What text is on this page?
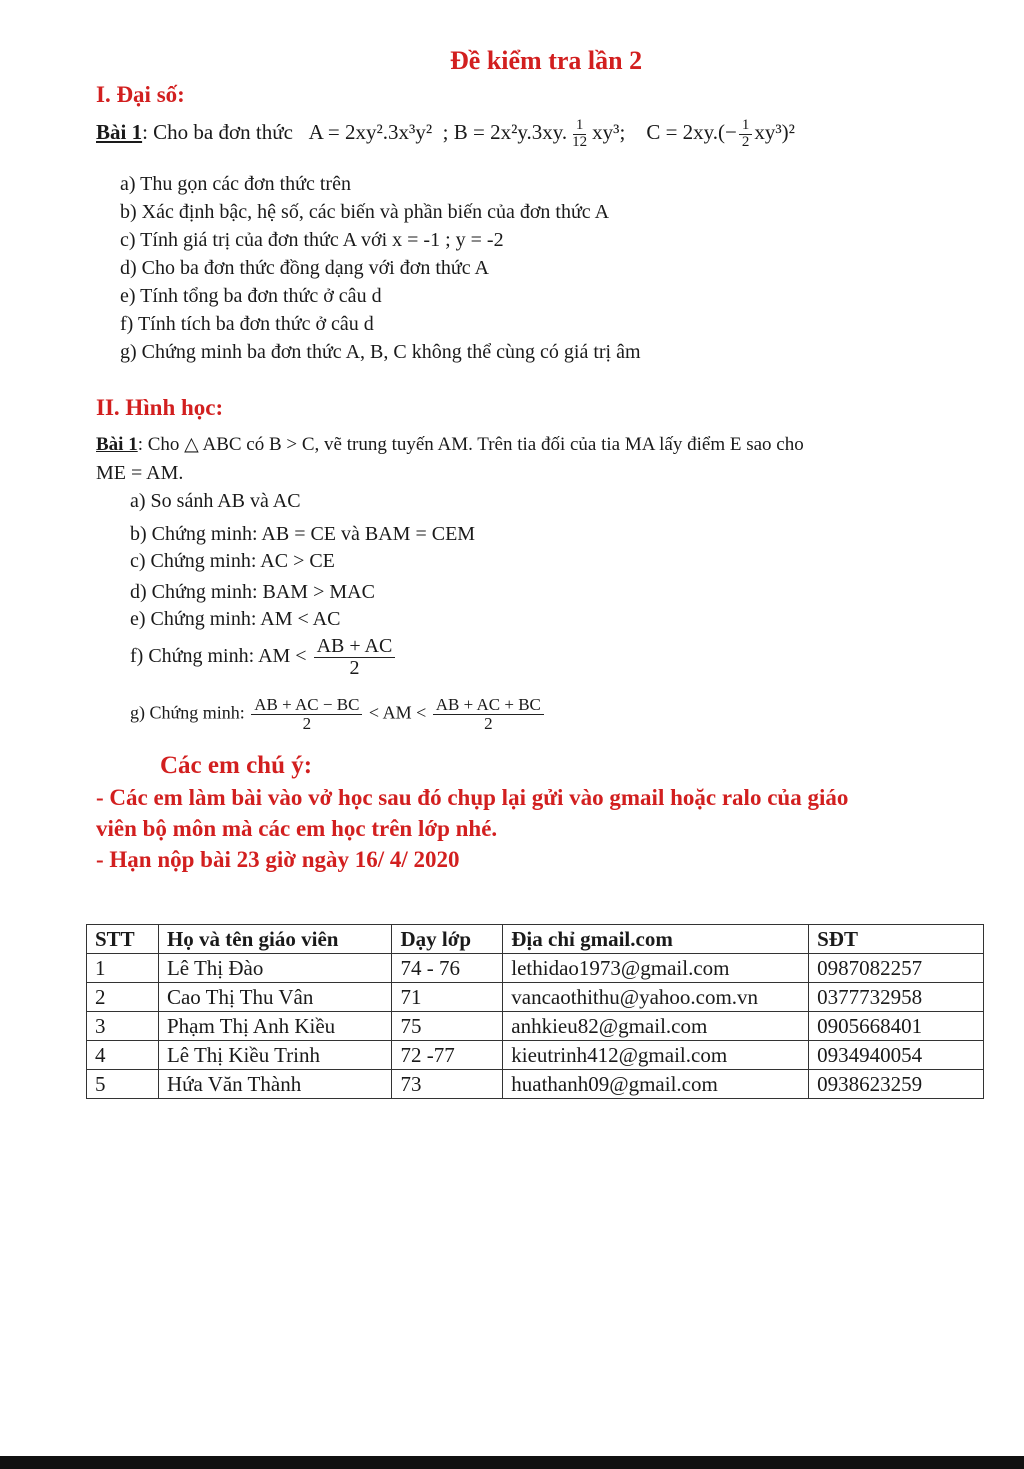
Đề kiểm tra lần 2
I. Đại số:
Bài 1: Cho ba đơn thức A = 2xy².3x³y²  ; B = 2x²y.3xy. $\frac{1}{12} xy^3$; $C = 2xy.(- \frac{1}{2} xy^3)^2$
a) Thu gọn các đơn thức trên
b) Xác định bậc, hệ số, các biến và phần biến của đơn thức A
c) Tính giá trị của đơn thức A với x = -1 ; y = -2
d) Cho ba đơn thức đồng dạng với đơn thức A
e) Tính tổng ba đơn thức ở câu d
f) Tính tích ba đơn thức ở câu d
g) Chứng minh ba đơn thức A, B, C không thể cùng có giá trị âm
II. Hình học:
Bài 1: Cho △ ABC có B > C, vẽ trung tuyến AM. Trên tia đối của tia MA lấy điểm E sao cho
ME = AM.
a) So sánh AB và AC
b) Chứng minh: AB = CE và BAM = CEM
c) Chứng minh: AC > CE
d) Chứng minh: BAM > MAC
e) Chứng minh: AM < AC
f) Chứng minh: AM < $\frac{AB + AC}{2}$
g) Chứng minh: $\frac{AB + AC - BC}{2}$ < AM < $\frac{AB + AC + BC}{2}$
Các em chú ý:
- Các em làm bài vào vở học sau đó chụp lại gửi vào gmail hoặc ralo của giáo
viên bộ môn mà các em học trên lớp nhé.
- Hạn nộp bài 23 giờ ngày 16/ 4/ 2020
STT	Họ và tên giáo viên	Dạy lớp	Địa chỉ gmail.com	SĐT
1	Lê Thị Đào	74 - 76	lethidao1973@gmail.com	0987082257
2	Cao Thị Thu Vân	71	vancaothithu@yahoo.com.vn	0377732958
3	Phạm Thị Anh Kiều	75	anhkieu82@gmail.com	0905668401
4	Lê Thị Kiều Trinh	72 -77	kieutrinh412@gmail.com	0934940054
5	Hứa Văn Thành	73	huathanh09@gmail.com	0938623259
